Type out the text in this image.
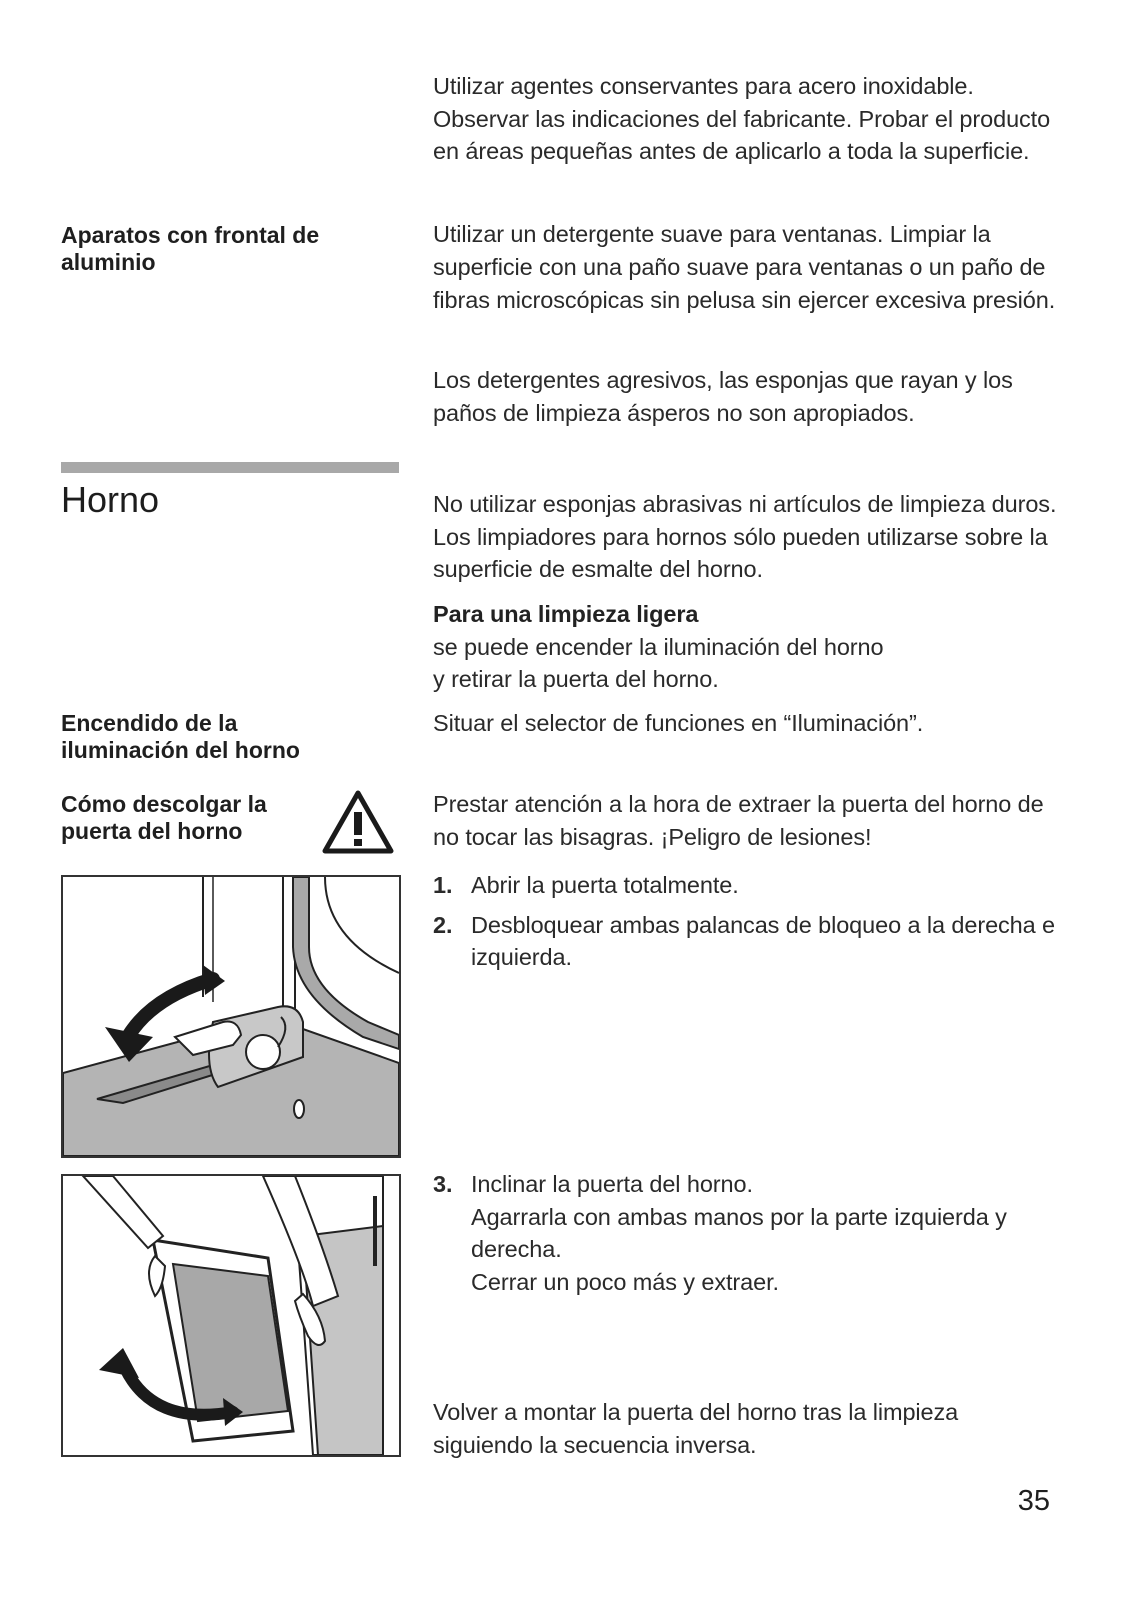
Utilizar agentes conservantes para acero inoxidable. Observar las indicaciones del fabricante. Probar el producto en áreas pequeñas antes de aplicarlo a toda la superficie.

Aparatos con frontal de aluminio

Utilizar un detergente suave para ventanas. Limpiar la superficie con una paño suave para ventanas o un paño de fibras microscópicas sin pelusa sin ejercer excesiva presión.

Los detergentes agresivos, las esponjas que rayan y los paños de limpieza ásperos no son apropiados.

Horno	No utilizar esponjas abrasivas ni artículos de limpieza duros. Los limpiadores para hornos sólo pueden utilizarse sobre la superficie de esmalte del horno.

Para una limpieza ligera
se puede encender la iluminación del horno
y retirar la puerta del horno.
Encendido de la iluminación del horno

Situar el selector de funciones en “Iluminación”.

Cómo descolgar la puerta del horno

Prestar atención a la hora de extraer la puerta del horno de no tocar las bisagras. ¡Peligro de lesiones!

1. Abrir la puerta totalmente.
2. Desbloquear ambas palancas de bloqueo a la derecha e izquierda.
3. Inclinar la puerta del horno.
Agarrarla con ambas manos por la parte izquierda y derecha.
Cerrar un poco más y extraer.

Volver a montar la puerta del horno tras la limpieza siguiendo la secuencia inversa.

35
